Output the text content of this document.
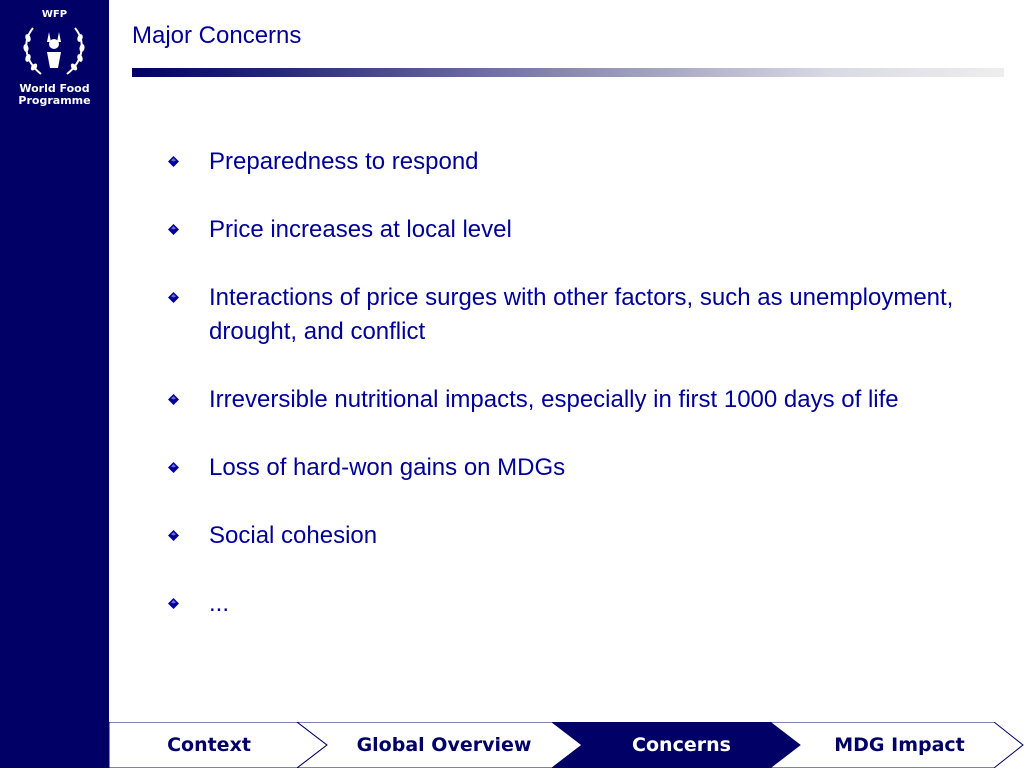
WFP
World Food
Programme
Major Concerns
Preparedness to respond
Price increases at local level
Interactions of price surges with other factors, such as unemployment, drought, and conflict
Irreversible nutritional impacts, especially in first 1000 days of life
Loss of hard-won gains on MDGs
Social cohesion
...
Context	Global Overview	Concerns	MDG Impact
